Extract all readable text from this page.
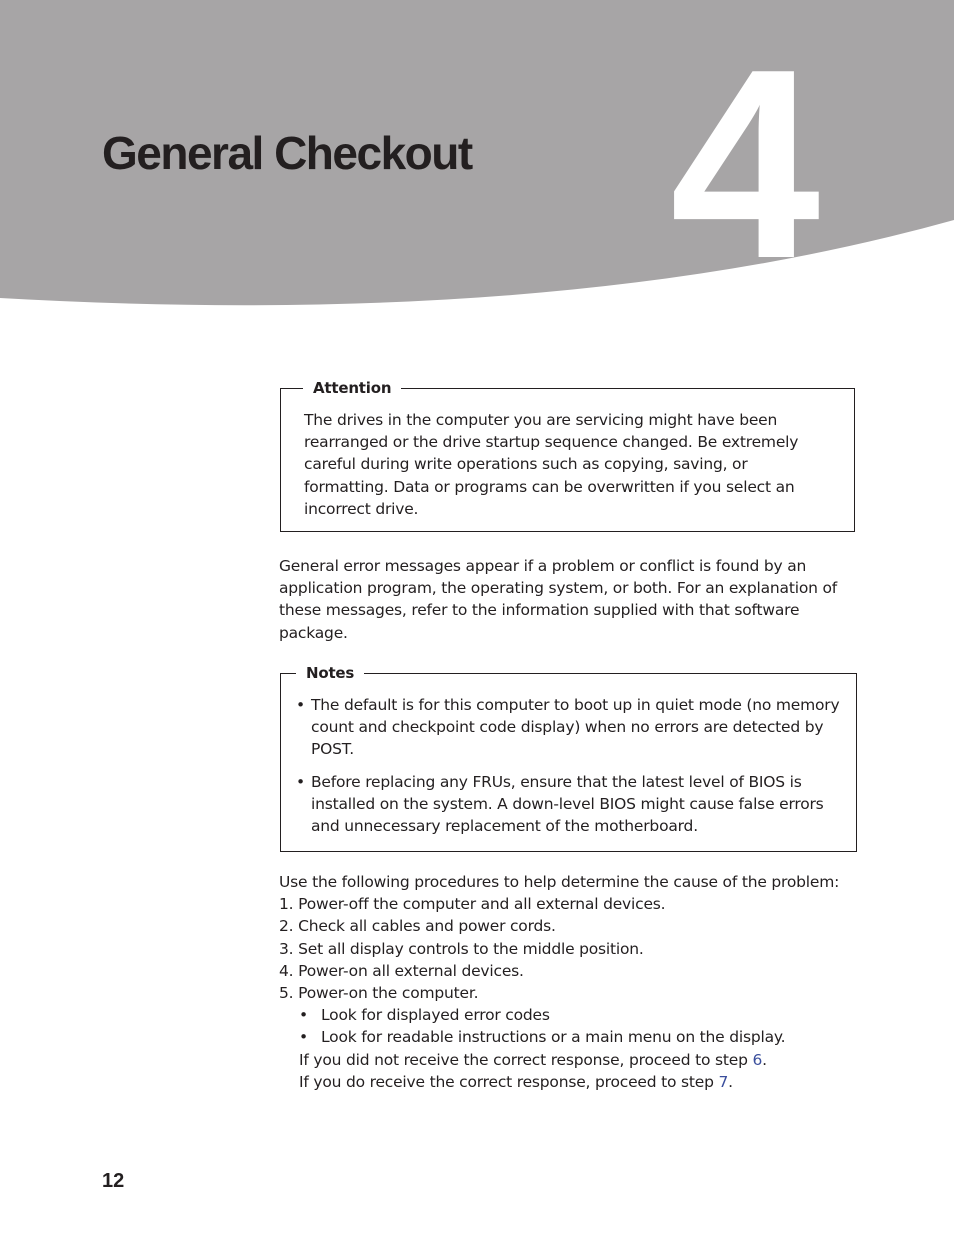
General Checkout 4
Attention

The drives in the computer you are servicing might have been rearranged or the drive startup sequence changed. Be extremely careful during write operations such as copying, saving, or formatting. Data or programs can be overwritten if you select an incorrect drive.

General error messages appear if a problem or conflict is found by an application program, the operating system, or both. For an explanation of these messages, refer to the information supplied with that software package.

Notes
• The default is for this computer to boot up in quiet mode (no memory count and checkpoint code display) when no errors are detected by POST.
• Before replacing any FRUs, ensure that the latest level of BIOS is installed on the system. A down-level BIOS might cause false errors and unnecessary replacement of the motherboard.

Use the following procedures to help determine the cause of the problem:

1. Power-off the computer and all external devices.
2. Check all cables and power cords.
3. Set all display controls to the middle position.
4. Power-on all external devices.
5. Power-on the computer.
• Look for displayed error codes
• Look for readable instructions or a main menu on the display.

If you did not receive the correct response, proceed to step 6.

If you do receive the correct response, proceed to step 7.

12
